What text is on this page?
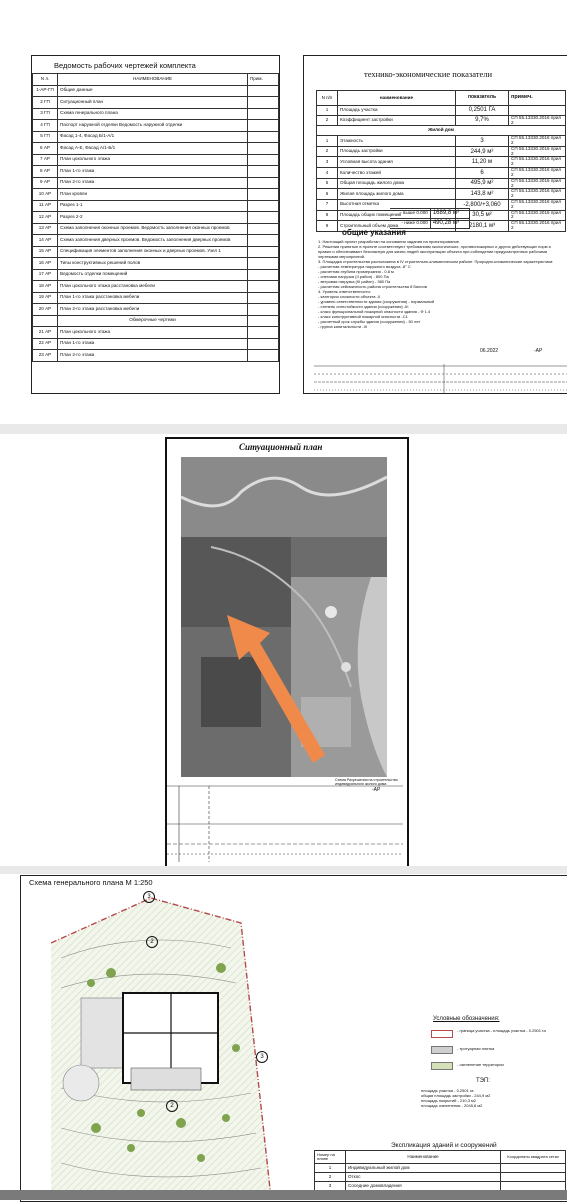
Ведомость рабочих чертежей комплекта
N л.	НАИМЕНОВАНИЕ	Прим.
1-АР-ГП	Общие данные	
2 ГП	Ситуационный план	
3 ГП	Схема генерального плана	
4 ГП	Паспорт наружной отделки Ведомость наружной отделки	
5 ГП	Фасад 1-4, Фасад Б/1-А/1	
6 АР	Фасад А-Е, Фасад А/1-Б/1	
7 АР	План цокольного этажа	
8 АР	План 1-го этажа	
9 АР	План 2-го этажа	
10 АР	План кровли	
11 АР	Разрез 1-1	
12 АР	Разрез 2-2	
13 АР	Схема заполнения оконных проемов. Ведомость заполнения оконных проемов	
14 АР	Схема заполнения дверных проемов. Ведомость заполнения дверных проемов	
15 АР	Спецификация элементов заполнения оконных и дверных проемов. Узел 1	
16 АР	Типы конструктивных решений полов	
17 АР	Ведомость отделки помещений	
18 АР	План цокольного этажа расстановка мебели	
19 АР	План 1-го этажа расстановка мебели	
20 АР	План 2-го этажа расстановка мебели	
	Обмерочные чертежи	
21 АР	План цокольного этажа	
22 АР	План 1-го этажа	
23 АР	План 2-го этажа	
технико-экономические показатели
N п/п	наименование	показатель	примеч.
1	Площадь участка	0,2501 ГА	
2	Коэффициент застройки	9,7%	СП 55.13330.2016 прил 2
Жилой дом			
1	Этажность	3	СП 55.13330.2016 прил 2
2	Площадь застройки	244,9 м²	СП 55.13330.2016 прил 2
3	Условная высота здания	11,20 м	СП 55.13330.2016 прил 2
4	Количество этажей	6	СП 55.13330.2016 прил 2
5	Общая площадь жилого дома	495,9 м²	СП 55.13330.2016 прил 2
6	Жилая площадь жилого дома	143,8 м²	СП 55.13330.2016 прил 2
7	Высотная отметка	-2,800/+3,060	СП 55.13330.2016 прил 2
8	Площадь общих помещений	30,5 м²	СП 55.13330.2016 прил 2
9	Строительный объем дома	2180,1 м³	СП 55.13330.2016 прил 2
- выше 0.000	1689,8 м³
- ниже 0.000	490,28 м³
общие указания
1. Настоящий проект разработан на основании задания на проектирование.
2. Решения принятые в проекте соответствуют требованиям экологических, противопожарных и других действующих норм и правил и обеспечивают безопасную для жизни людей эксплуатацию объекта при соблюдении предусмотренных рабочими чертежами мероприятий.
3. Площадка строительства расположена в IV строительно-климатическом районе. Природно-климатические характеристики:
- расчетная температура наружного воздуха -8° С
- расчетная глубина промерзания - 0.8 м
- снеговая нагрузка (II район) - 800 Па
- ветровая нагрузка (III район) - 380 Па
- расчетная сейсмичность района строительства 8 баллов
4. Уровень ответственности:
- категория сложности объекта -II
- уровень ответственности здания (сооружения) - нормальный
- степень огнестойкости здания (сооружения) -III
- класс функциональной пожарной опасности здания - Ф 1.4
- класс конструктивной пожарной опасности -С1
- расчетный срок службы здания (сооружения) - 50 лет
- группа капитальности -III
06.2022	-АР
Ситуационный план
Схема Разрешения на строительство индивидуального жилого дома
-АР
Схема генерального плана М 1:250
3
2
2
3
Условные обозначения:
- граница участка - площадь участка - 0.2501 га
- тротуарная плитка
- озеленение территории
ТЭП:
площадь участка - 0.2501 га
общая площадь застройки - 244,9 м2
площадь покрытий - 210,3 м2
площадь озеленения - 2045,8 м2
Экспликация зданий и сооружений
Номер на плане	Наименование	Координаты квадрата сетки
1	Индивидуальный жилой дом	
2	Откос	
3	Соседние домовладения	
